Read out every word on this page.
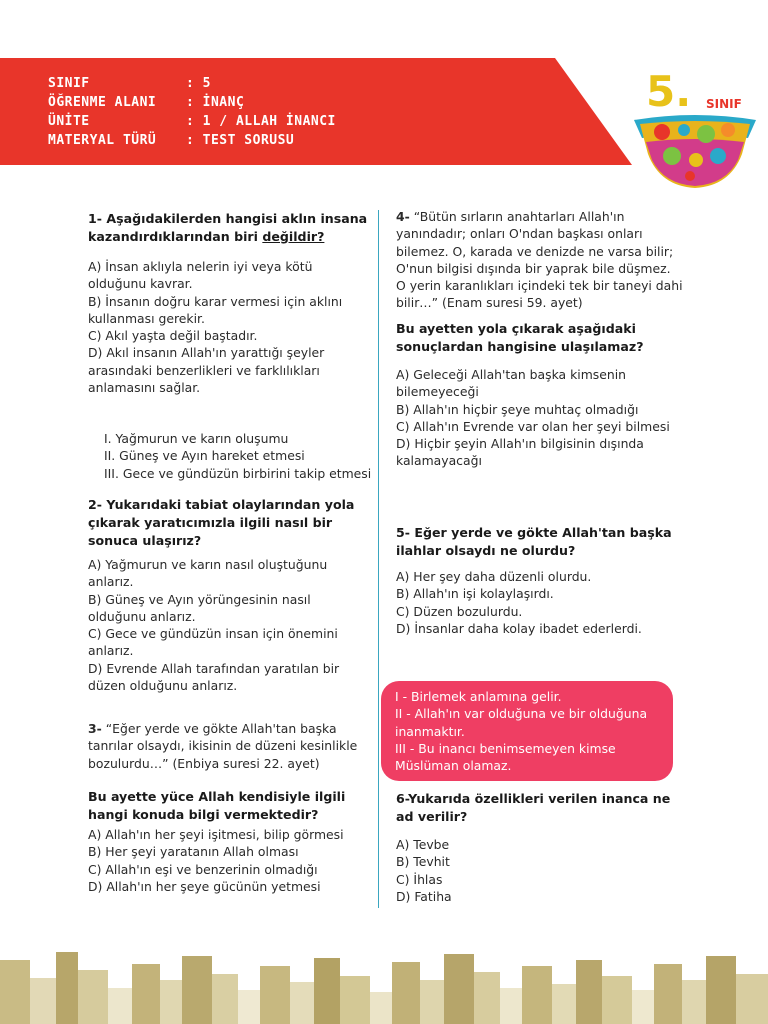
SINIF	: 5
ÖĞRENME ALANI	: İNANÇ
ÜNİTE	: 1 / ALLAH İNANCI
MATERYAL TÜRÜ	: TEST SORUSU
5. SINIF

1- Aşağıdakilerden hangisi aklın insana kazandırdıklarından biri değildir?

A) İnsan aklıyla nelerin iyi veya kötü olduğunu kavrar.

B) İnsanın doğru karar vermesi için aklını kullanması gerekir.

C) Akıl yaşta değil baştadır.

D) Akıl insanın Allah'ın yarattığı şeyler arasındaki benzerlikleri ve farklılıkları anlamasını sağlar.

I. Yağmurun ve karın oluşumu

II. Güneş ve Ayın hareket etmesi

III. Gece ve gündüzün birbirini takip etmesi

2- Yukarıdaki tabiat olaylarından yola çıkarak yaratıcımızla ilgili nasıl bir sonuca ulaşırız?

A) Yağmurun ve karın nasıl oluştuğunu anlarız.

B) Güneş ve Ayın yörüngesinin nasıl olduğunu anlarız.

C) Gece ve gündüzün insan için önemini anlarız.

D) Evrende Allah tarafından yaratılan bir düzen olduğunu anlarız.

3- “Eğer yerde ve gökte Allah'tan başka tanrılar olsaydı, ikisinin de düzeni kesinlikle bozulurdu…” (Enbiya suresi 22. ayet)

Bu ayette yüce Allah kendisiyle ilgili hangi konuda bilgi vermektedir?

A) Allah'ın her şeyi işitmesi, bilip görmesi

B) Her şeyi yaratanın Allah olması

C) Allah'ın eşi ve benzerinin olmadığı

D) Allah'ın her şeye gücünün yetmesi

4- “Bütün sırların anahtarları Allah'ın yanındadır; onları O'ndan başkası onları bilemez. O, karada ve denizde ne varsa bilir; O'nun bilgisi dışında bir yaprak bile düşmez. O yerin karanlıkları içindeki tek bir taneyi dahi bilir…” (Enam suresi 59. ayet)

Bu ayetten yola çıkarak aşağıdaki sonuçlardan hangisine ulaşılamaz?

A) Geleceği Allah'tan başka kimsenin bilemeyeceği

B) Allah'ın hiçbir şeye muhtaç olmadığı

C) Allah'ın Evrende var olan her şeyi bilmesi

D) Hiçbir şeyin Allah'ın bilgisinin dışında kalamayacağı

5- Eğer yerde ve gökte Allah'tan başka ilahlar olsaydı ne olurdu?

A) Her şey daha düzenli olurdu.

B) Allah'ın işi kolaylaşırdı.

C) Düzen bozulurdu.

D) İnsanlar daha kolay ibadet ederlerdi.

I - Birlemek anlamına gelir.

II - Allah'ın var olduğuna ve bir olduğuna inanmaktır.

III - Bu inancı benimsemeyen kimse Müslüman olamaz.

6-Yukarıda özellikleri verilen inanca ne ad verilir?

A) Tevbe

B) Tevhit

C) İhlas

D) Fatiha
